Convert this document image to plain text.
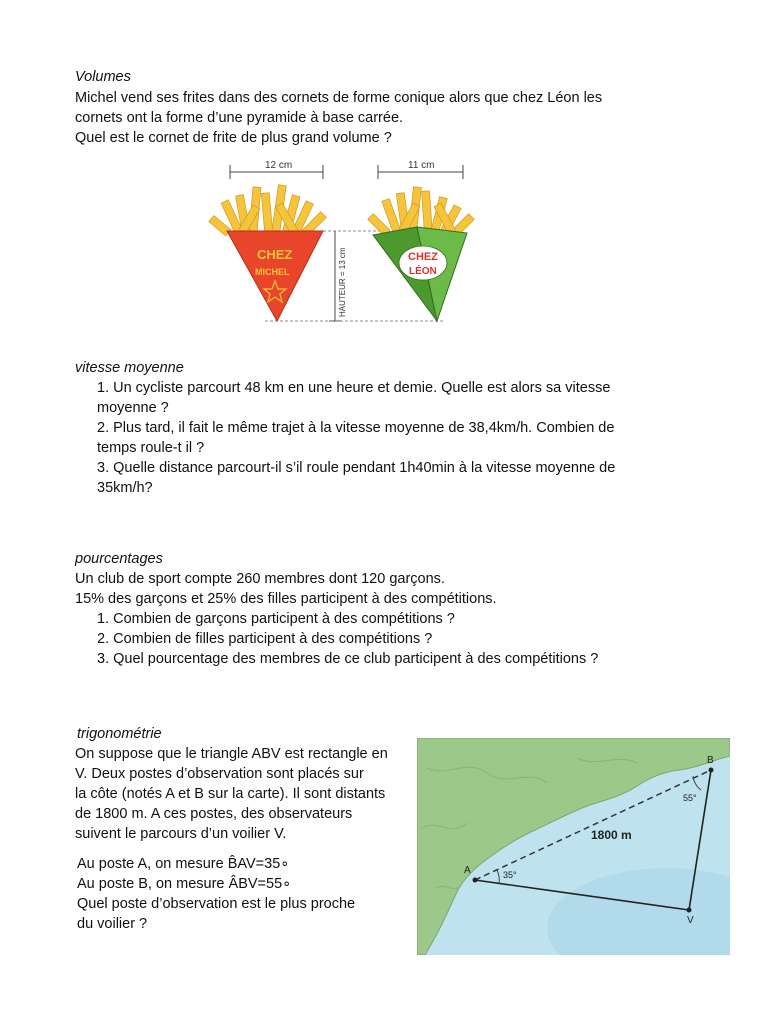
Volumes
Michel vend ses frites dans des cornets de forme conique alors que chez Léon les
cornets ont la forme d’une pyramide à base carrée.
Quel est le cornet de frite de plus grand volume ?
12 cm	11 cm
CHEZ
MICHEL	HAUTEUR = 13 cm	CHEZ
LÉON
vitesse moyenne
1. Un cycliste parcourt 48 km en une heure et demie. Quelle est alors sa vitesse
moyenne ?
2. Plus tard, il fait le même trajet à la vitesse moyenne de 38,4km/h. Combien de
temps roule-t il ?
3. Quelle distance parcourt-il s’il roule pendant 1h40min à la vitesse moyenne de
35km/h?
pourcentages
Un club de sport compte 260 membres dont 120 garçons.
15% des garçons et 25% des filles participent à des compétitions.
1. Combien de garçons participent à des compétitions ?
2. Combien de filles participent à des compétitions ?
3. Quel pourcentage des membres de ce club participent à des compétitions ?
trigonométrie
On suppose que le triangle ABV est rectangle en
V. Deux postes d’observation sont placés sur
la côte (notés A et B sur la carte). Il sont distants
de 1800 m. A ces postes, des observateurs
suivent le parcours d’un voilier V.
Au poste A, on mesure B̂AV=35∘
Au poste B, on mesure ÂBV=55∘
Quel poste d’observation est le plus proche
du voilier ?
A
B
V
35°
55°
1800 m
